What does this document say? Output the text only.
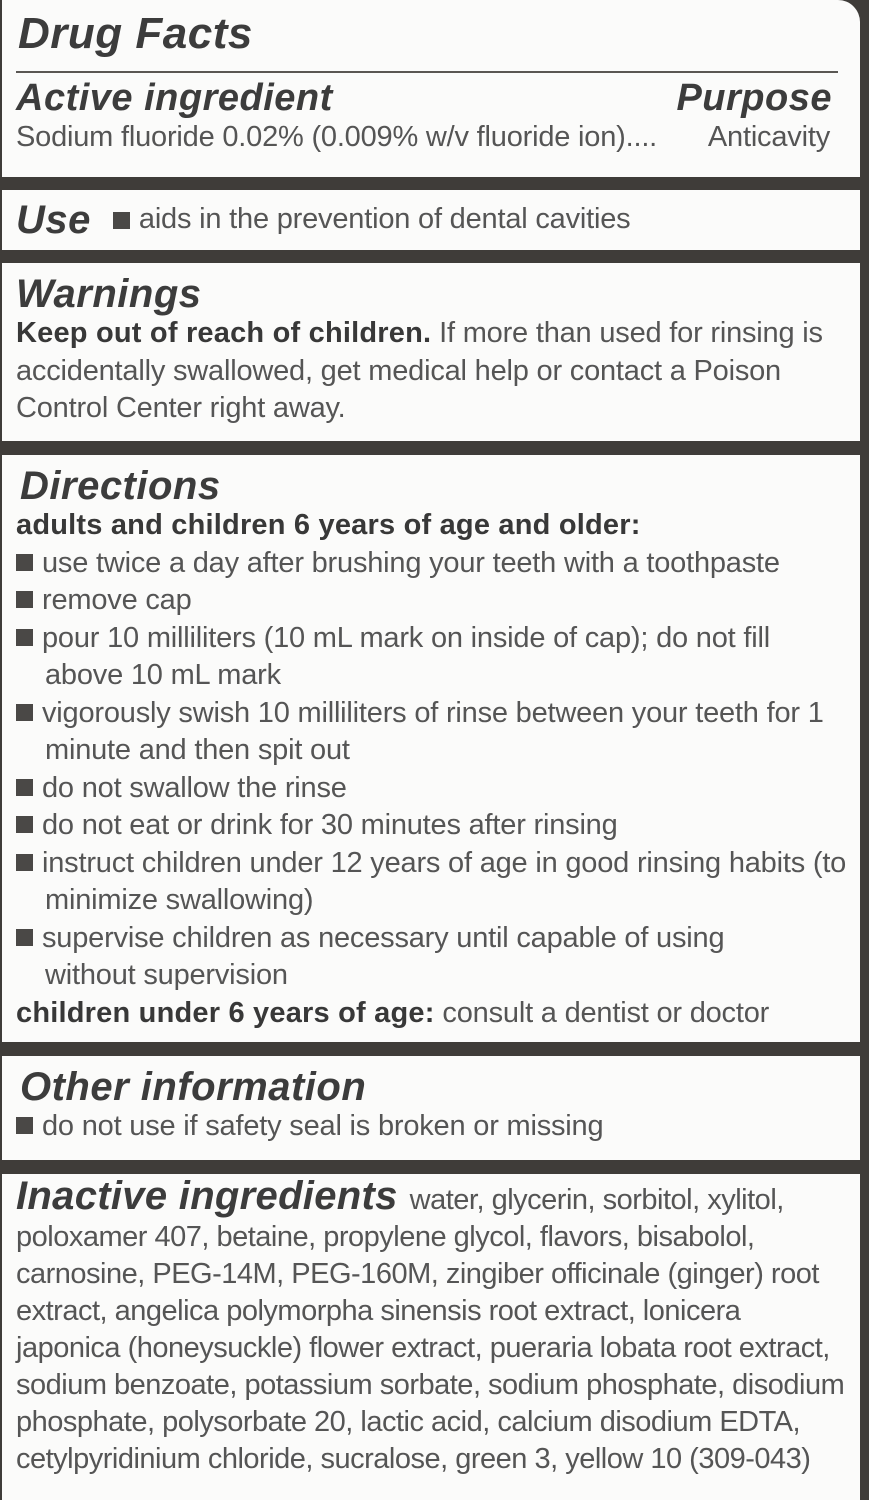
Drug Facts
Active ingredient	Purpose
Sodium fluoride 0.02% (0.009% w/v fluoride ion).... Anticavity
Use aids in the prevention of dental cavities
Warnings
Keep out of reach of children. If more than used for rinsing is accidentally swallowed, get medical help or contact a Poison Control Center right away.
Directions
adults and children 6 years of age and older:
use twice a day after brushing your teeth with a toothpaste
remove cap
pour 10 milliliters (10 mL mark on inside of cap); do not fill above 10 mL mark
vigorously swish 10 milliliters of rinse between your teeth for 1 minute and then spit out
do not swallow the rinse
do not eat or drink for 30 minutes after rinsing
instruct children under 12 years of age in good rinsing habits (to minimize swallowing)
supervise children as necessary until capable of using without supervision
children under 6 years of age: consult a dentist or doctor
Other information
do not use if safety seal is broken or missing
Inactive ingredients water, glycerin, sorbitol, xylitol, poloxamer 407, betaine, propylene glycol, flavors, bisabolol, carnosine, PEG-14M, PEG-160M, zingiber officinale (ginger) root extract, angelica polymorpha sinensis root extract, lonicera japonica (honeysuckle) flower extract, pueraria lobata root extract, sodium benzoate, potassium sorbate, sodium phosphate, disodium phosphate, polysorbate 20, lactic acid, calcium disodium EDTA, cetylpyridinium chloride, sucralose, green 3, yellow 10 (309-043)
